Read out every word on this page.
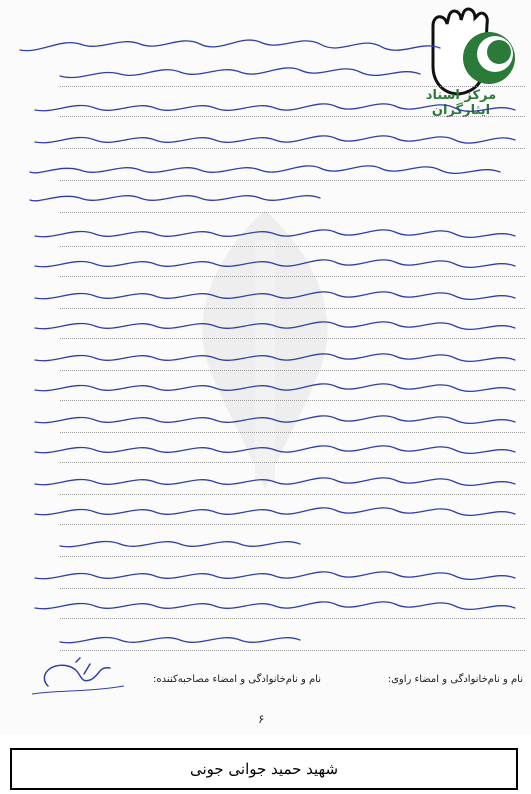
مرکز اسناد ایثارگران
نام و نام‌خانوادگی و امضاء راوی:
نام و نام‌خانوادگی و امضاء مصاحبه‌کننده:
۶
شهید حمید جوانی جونی
